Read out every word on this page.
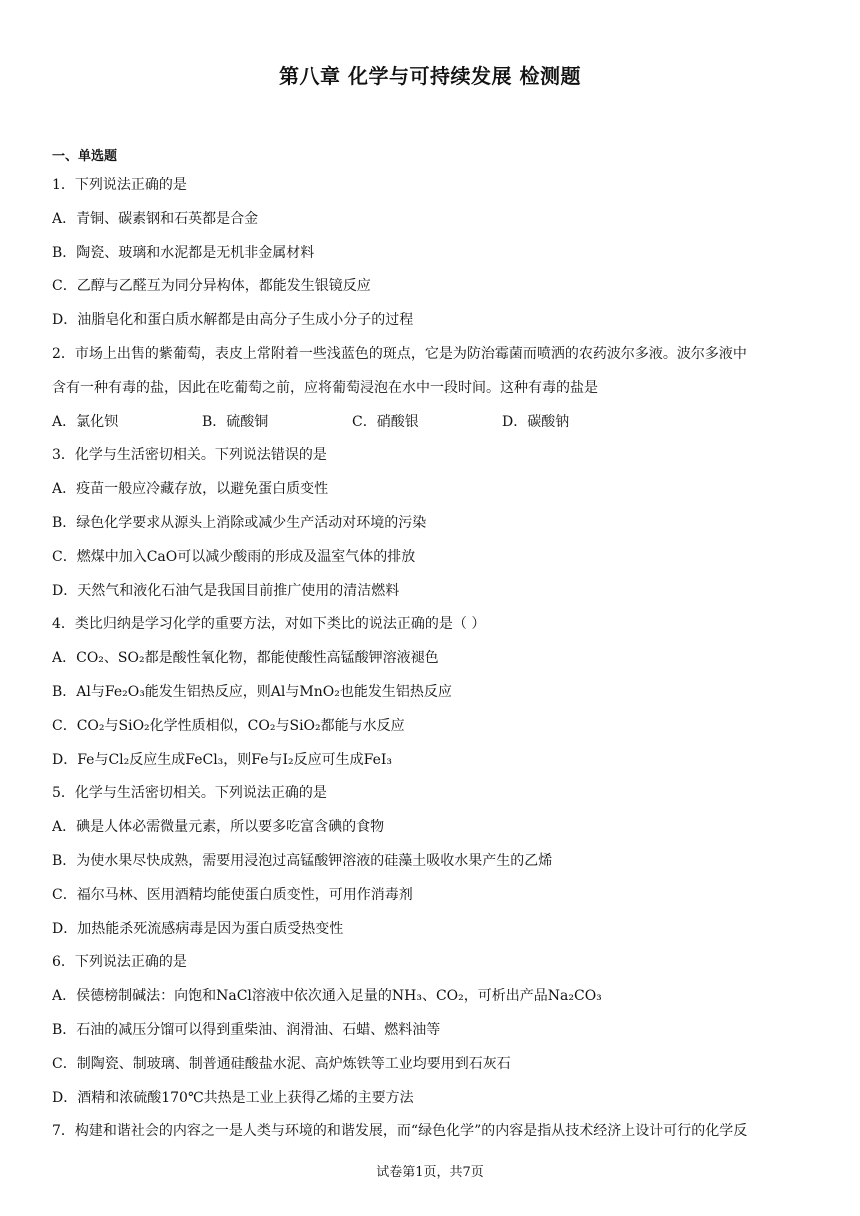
第八章 化学与可持续发展 检测题
一、单选题
1．下列说法正确的是
A．青铜、碳素钢和石英都是合金
B．陶瓷、玻璃和水泥都是无机非金属材料
C．乙醇与乙醛互为同分异构体，都能发生银镜反应
D．油脂皂化和蛋白质水解都是由高分子生成小分子的过程
2．市场上出售的紫葡萄，表皮上常附着一些浅蓝色的斑点，它是为防治霉菌而喷洒的农药波尔多液。波尔多液中
含有一种有毒的盐，因此在吃葡萄之前，应将葡萄浸泡在水中一段时间。这种有毒的盐是
A．氯化钡	B．硫酸铜	C．硝酸银	D．碳酸钠
3．化学与生活密切相关。下列说法错误的是
A．疫苗一般应冷藏存放，以避免蛋白质变性
B．绿色化学要求从源头上消除或减少生产活动对环境的污染
C．燃煤中加入CaO可以减少酸雨的形成及温室气体的排放
D．天然气和液化石油气是我国目前推广使用的清洁燃料
4．类比归纳是学习化学的重要方法，对如下类比的说法正确的是（ ）
A．CO₂、SO₂都是酸性氧化物，都能使酸性高锰酸钾溶液褪色
B．Al与Fe₂O₃能发生铝热反应，则Al与MnO₂也能发生铝热反应
C．CO₂与SiO₂化学性质相似，CO₂与SiO₂都能与水反应
D．Fe与Cl₂反应生成FeCl₃，则Fe与I₂反应可生成FeI₃
5．化学与生活密切相关。下列说法正确的是
A．碘是人体必需微量元素，所以要多吃富含碘的食物
B．为使水果尽快成熟，需要用浸泡过高锰酸钾溶液的硅藻土吸收水果产生的乙烯
C．福尔马林、医用酒精均能使蛋白质变性，可用作消毒剂
D．加热能杀死流感病毒是因为蛋白质受热变性
6．下列说法正确的是
A．侯德榜制碱法：向饱和NaCl溶液中依次通入足量的NH₃、CO₂，可析出产品Na₂CO₃
B．石油的减压分馏可以得到重柴油、润滑油、石蜡、燃料油等
C．制陶瓷、制玻璃、制普通硅酸盐水泥、高炉炼铁等工业均要用到石灰石
D．酒精和浓硫酸170℃共热是工业上获得乙烯的主要方法
7．构建和谐社会的内容之一是人类与环境的和谐发展，而“绿色化学”的内容是指从技术经济上设计可行的化学反
试卷第1页，共7页
